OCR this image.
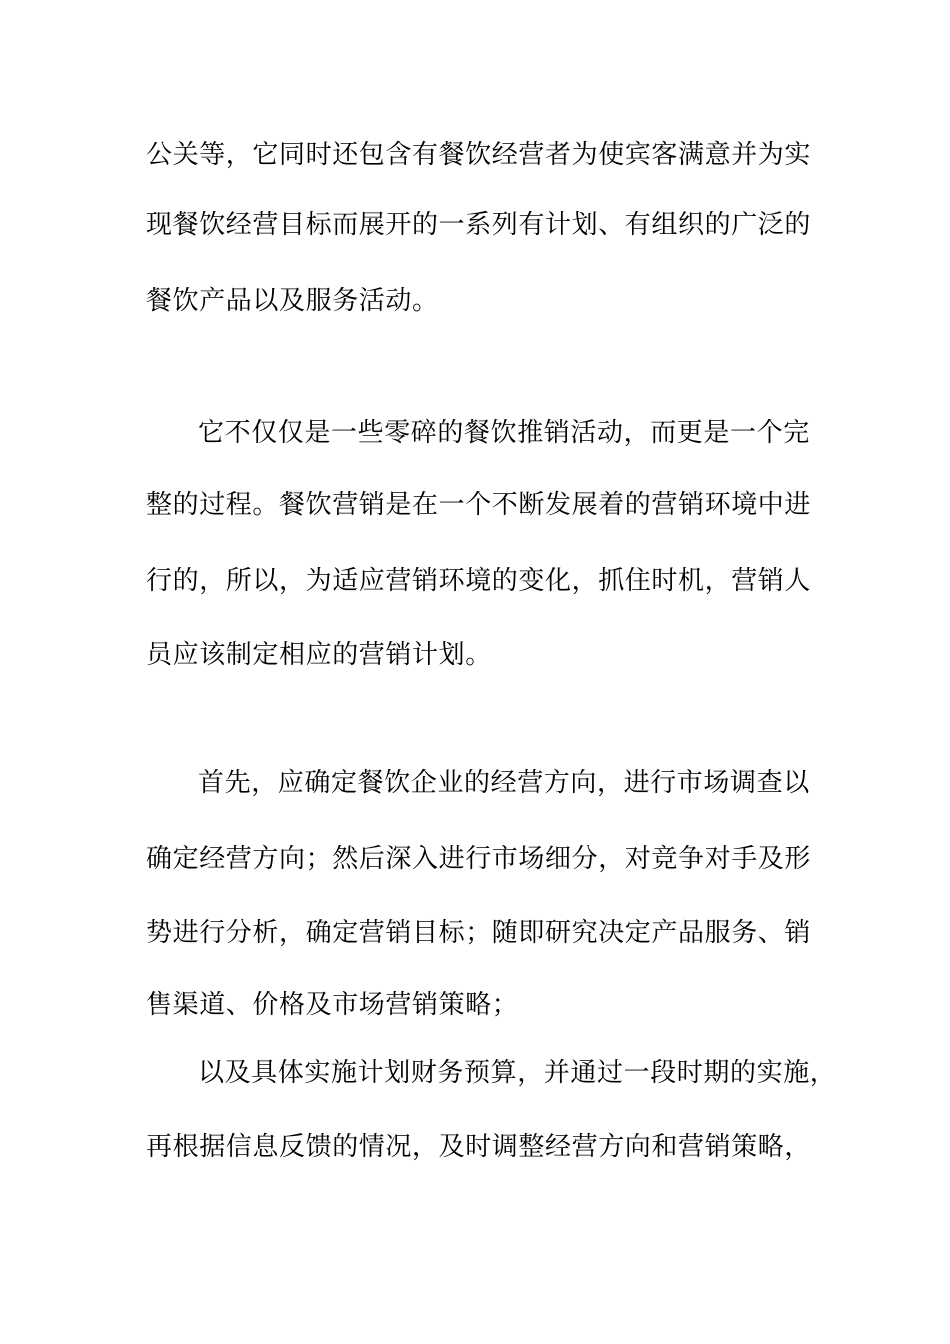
公关等，它同时还包含有餐饮经营者为使宾客满意并为实
现餐饮经营目标而展开的一系列有计划、有组织的广泛的
餐饮产品以及服务活动。
它不仅仅是一些零碎的餐饮推销活动，而更是一个完
整的过程。餐饮营销是在一个不断发展着的营销环境中进
行的，所以，为适应营销环境的变化，抓住时机，营销人
员应该制定相应的营销计划。
首先，应确定餐饮企业的经营方向，进行市场调查以
确定经营方向；然后深入进行市场细分，对竞争对手及形
势进行分析，确定营销目标；随即研究决定产品服务、销
售渠道、价格及市场营销策略；
以及具体实施计划财务预算，并通过一段时期的实施，
再根据信息反馈的情况，及时调整经营方向和营销策略，
